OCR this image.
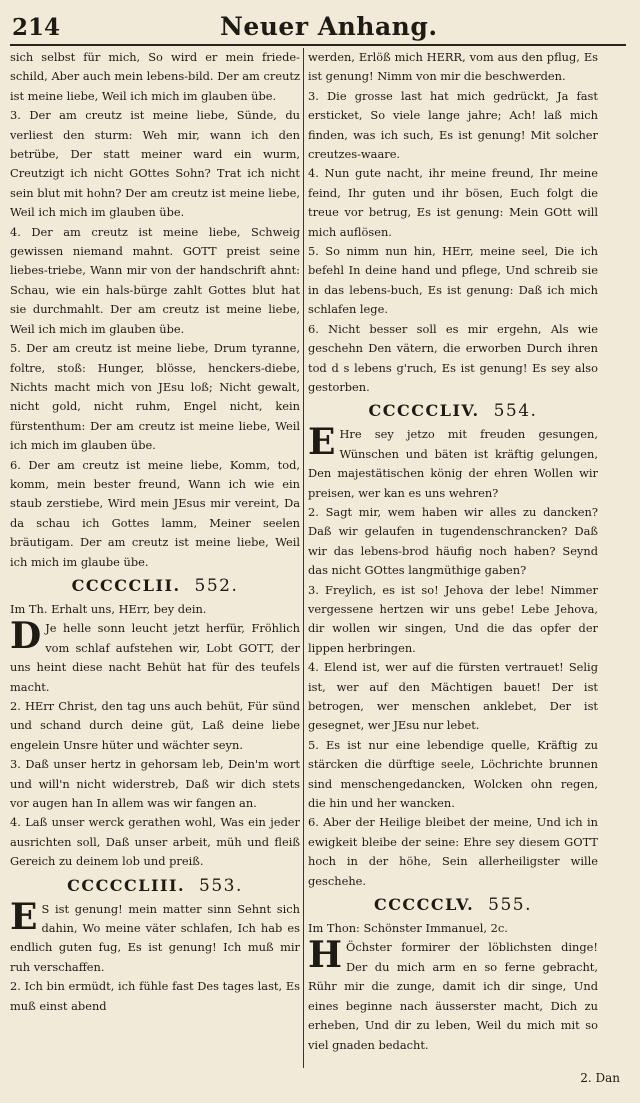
214	Neuer Anhang.

sich selbst für mich, So wird er mein friede-schild, Aber auch mein lebens-bild. Der am creutz ist meine liebe, Weil ich mich im glauben übe.

3. Der am creutz ist meine liebe, Sünde, du verliest den sturm: Weh mir, wann ich den betrübe, Der statt meiner ward ein wurm, Creutzigt ich nicht GOttes Sohn? Trat ich nicht sein blut mit hohn? Der am creutz ist meine liebe, Weil ich mich im glauben übe.

4. Der am creutz ist meine liebe, Schweig gewissen niemand mahnt. GOTT preist seine liebes-triebe, Wann mir von der handschrift ahnt: Schau, wie ein hals-bürge zahlt Gottes blut hat sie durchmahlt. Der am creutz ist meine liebe, Weil ich mich im glauben übe.

5. Der am creutz ist meine liebe, Drum tyranne, foltre, stoß: Hunger, blösse, henckers-diebe, Nichts macht mich von JEsu loß; Nicht gewalt, nicht gold, nicht ruhm, Engel nicht, kein fürstenthum: Der am creutz ist meine liebe, Weil ich mich im glauben übe.

6. Der am creutz ist meine liebe, Komm, tod, komm, mein bester freund, Wann ich wie ein staub zerstiebe, Wird mein JEsus mir vereint, Da da schau ich Gottes lamm, Meiner seelen bräutigam. Der am creutz ist meine liebe, Weil ich mich im glaube übe.

CCCCCLII. 552.

Im Th. Erhalt uns, HErr, bey dein.

D Je helle sonn leucht jetzt herfür, Fröhlich vom schlaf aufstehen wir, Lobt GOTT, der uns heint diese nacht Behüt hat für des teufels macht.

2. HErr Christ, den tag uns auch behüt, Für sünd und schand durch deine güt, Laß deine liebe engelein Unsre hüter und wächter seyn.

3. Daß unser hertz in gehorsam leb, Dein'm wort und will'n nicht widerstreb, Daß wir dich stets vor augen han In allem was wir fangen an.

4. Laß unser werck gerathen wohl, Was ein jeder ausrichten soll, Daß unser arbeit, müh und fleiß Gereich zu deinem lob und preiß.

CCCCCLIII. 553.

E S ist genung! mein matter sinn Sehnt sich dahin, Wo meine väter schlafen, Ich hab es endlich guten fug, Es ist genung! Ich muß mir ruh verschaffen.

2. Ich bin ermüdt, ich fühle fast Des tages last, Es muß einst abend

werden, Erlöß mich HERR, vom aus den pflug, Es ist genung! Nimm von mir die beschwerden.

3. Die grosse last hat mich gedrückt, Ja fast ersticket, So viele lange jahre; Ach! laß mich finden, was ich such, Es ist genung! Mit solcher creutzes-waare.

4. Nun gute nacht, ihr meine freund, Ihr meine feind, Ihr guten und ihr bösen, Euch folgt die treue vor betrug, Es ist genung: Mein GOtt will mich auflösen.

5. So nimm nun hin, HErr, meine seel, Die ich befehl In deine hand und pflege, Und schreib sie in das lebens-buch, Es ist genung: Daß ich mich schlafen lege.

6. Nicht besser soll es mir ergehn, Als wie geschehn Den vätern, die erworben Durch ihren tod d s lebens g'ruch, Es ist genung! Es sey also gestorben.

CCCCCLIV. 554.

E Hre sey jetzo mit freuden gesungen, Wünschen und bäten ist kräftig gelungen, Den majestätischen könig der ehren Wollen wir preisen, wer kan es uns wehren?

2. Sagt mir, wem haben wir alles zu dancken? Daß wir gelaufen in tugendenschrancken? Daß wir das lebens-brod häufig noch haben? Seynd das nicht GOttes langmüthige gaben?

3. Freylich, es ist so! Jehova der lebe! Nimmer vergessene hertzen wir uns gebe! Lebe Jehova, dir wollen wir singen, Und die das opfer der lippen herbringen.

4. Elend ist, wer auf die fürsten vertrauet! Selig ist, wer auf den Mächtigen bauet! Der ist betrogen, wer menschen anklebet, Der ist gesegnet, wer JEsu nur lebet.

5. Es ist nur eine lebendige quelle, Kräftig zu stärcken die dürftige seele, Löchrichte brunnen sind menschengedancken, Wolcken ohn regen, die hin und her wancken.

6. Aber der Heilige bleibet der meine, Und ich in ewigkeit bleibe der seine: Ehre sey diesem GOTT hoch in der höhe, Sein allerheiligster wille geschehe.

CCCCCLV. 555.

Im Thon: Schönster Immanuel, 2c.

H Öchster formirer der löblichsten dinge! Der du mich arm en so ferne gebracht, Rühr mir die zunge, damit ich dir singe, Und eines beginne nach äusserster macht, Dich zu erheben, Und dir zu leben, Weil du mich mit so viel gnaden bedacht.

2. Dan
